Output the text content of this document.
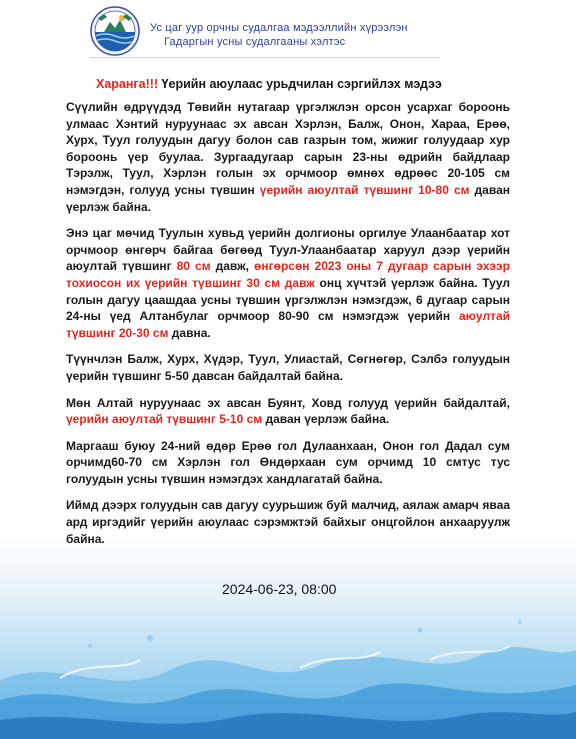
Ус цаг уур орчны судалгаа мэдээллийн хүрээлэн
Гадаргын усны судалгааны хэлтэс
Хаpанга!!! Үерийн аюулаас урьдчилан сэргийлэх мэдээ

Сүүлийн өдрүүдэд Төвийн нутагаар үргэлжлэн орсон усархаг бороонь улмаас Хэнтий нуруунаас эх авсан Хэрлэн, Балж, Онон, Хараа, Ерөө, Хурх, Туул голуудын дагуу болон сав газрын том, жижиг голуудаар хур бороонь үер буулаа. Зургаадугаар сарын 23-ны өдрийн байдлаар Тэрэлж, Туул, Хэрлэн голын эх орчмоор өмнөх өдрөөс 20-105 см нэмэгдэн, голууд усны түвшин үерийн аюултай түвшинг 10-80 см даван үерлэж байна.

Энэ цаг мөчид Туулын хувьд үерийн долгионы оргилуе Улаанбаатар хот орчмоор өнгөрч байгаа бөгөөд Туул-Улаанбаатар харуул дээр үерийн аюултай түвшинг 80 см давж, өнгөрсөн 2023 оны 7 дугаар сарын эхээр тохиосон их үерийн түвшинг 30 см давж онц хүчтэй үерлэж байна. Туул голын дагуу цаашдаа усны түвшин үргэлжлэн нэмэгдэж, 6 дугаар сарын 24-ны үед Алтанбулаг орчмоор 80-90 см нэмэгдэж үерийн аюултай түвшинг 20-30 см давна.

Түүнчлэн Балж, Хурх, Хүдэр, Туул, Улиастай, Сөгнөгөр, Сэлбэ голуудын үерийн түвшинг 5-50 давсан байдалтай байна.

Мөн Алтай нуруунаас эх авсан Буянт, Ховд голууд үерийн байдалтай, үерийн аюултай түвшинг 5-10 см даван үерлэж байна.

Маргааш буюу 24-ний өдөр Ерөө гол Дулаанхаан, Онон гол Дадал сум орчимд60-70 см Хэрлэн гол Өндөрхаан сум орчимд 10 смтус тус голуудын усны түвшин нэмэгдэх хандлагатай байна.

Иймд дээрх голуудын сав дагуу суурьшиж буй малчид, аялаж амарч яваа ард иргэдийг үерийн аюулаас сэрэмжтэй байхыг онцгойлон анхааруулж байна.

2024-06-23, 08:00
